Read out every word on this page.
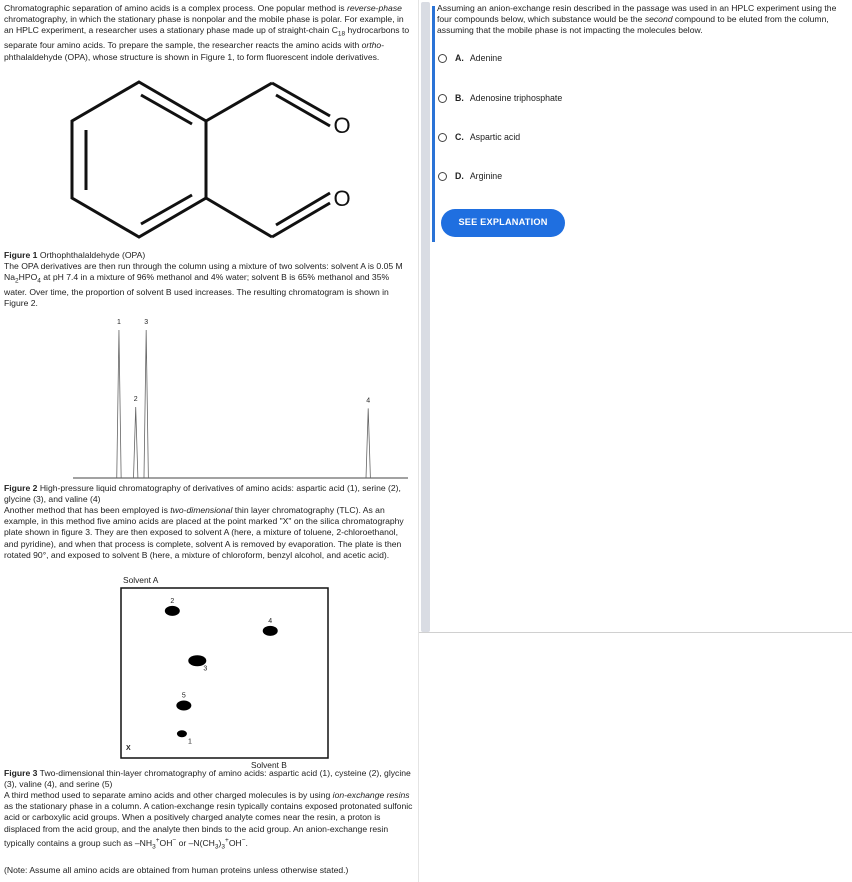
Chromatographic separation of amino acids is a complex process. One popular method is reverse-phase chromatography, in which the stationary phase is nonpolar and the mobile phase is polar. For example, in an HPLC experiment, a researcher uses a stationary phase made up of straight-chain $C_{18}$ hydrocarbons to separate four amino acids. To prepare the sample, the researcher reacts the amino acids with ortho-phthalaldehyde (OPA), whose structure is shown in Figure 1, to form fluorescent indole derivatives.

O
O

Figure 1 Orthophthalaldehyde (OPA)

The OPA derivatives are then run through the column using a mixture of two solvents: solvent A is 0.05 M $Na_2HPO_4$ at pH 7.4 in a mixture of 96% methanol and 4% water; solvent B is 65% methanol and 35% water. Over time, the proportion of solvent B used increases. The resulting chromatogram is shown in Figure 2.

1
2
3
4

Figure 2 High-pressure liquid chromatography of derivatives of amino acids: aspartic acid (1), serine (2), glycine (3), and valine (4)

Another method that has been employed is two-dimensional thin layer chromatography (TLC). As an example, in this method five amino acids are placed at the point marked "X" on the silica chromatography plate shown in figure 3. They are then exposed to solvent A (here, a mixture of toluene, 2-chloroethanol, and pyridine), and when that process is complete, solvent A is removed by evaporation. The plate is then rotated 90°, and exposed to solvent B (here, a mixture of chloroform, benzyl alcohol, and acetic acid).

Solvent A
X
Solvent B
1
2
3
4
5

Figure 3 Two-dimensional thin-layer chromatography of amino acids: aspartic acid (1), cysteine (2), glycine (3), valine (4), and serine (5)

A third method used to separate amino acids and other charged molecules is by using ion-exchange resins as the stationary phase in a column. A cation-exchange resin typically contains exposed protonated sulfonic acid or carboxylic acid groups. When a positively charged analyte comes near the resin, a proton is displaced from the acid group, and the analyte then binds to the acid group. An anion-exchange resin typically contains a group such as $-NH_3^+OH^-$ or $-N(CH_3)_3^+OH^-$.

(Note: Assume all amino acids are obtained from human proteins unless otherwise stated.)

Assuming an anion-exchange resin described in the passage was used in an HPLC experiment using the four compounds below, which substance would be the second compound to be eluted from the column, assuming that the mobile phase is not impacting the molecules below.
A. Adenine
B. Adenosine triphosphate
C. Aspartic acid
D. Arginine
SEE EXPLANATION
